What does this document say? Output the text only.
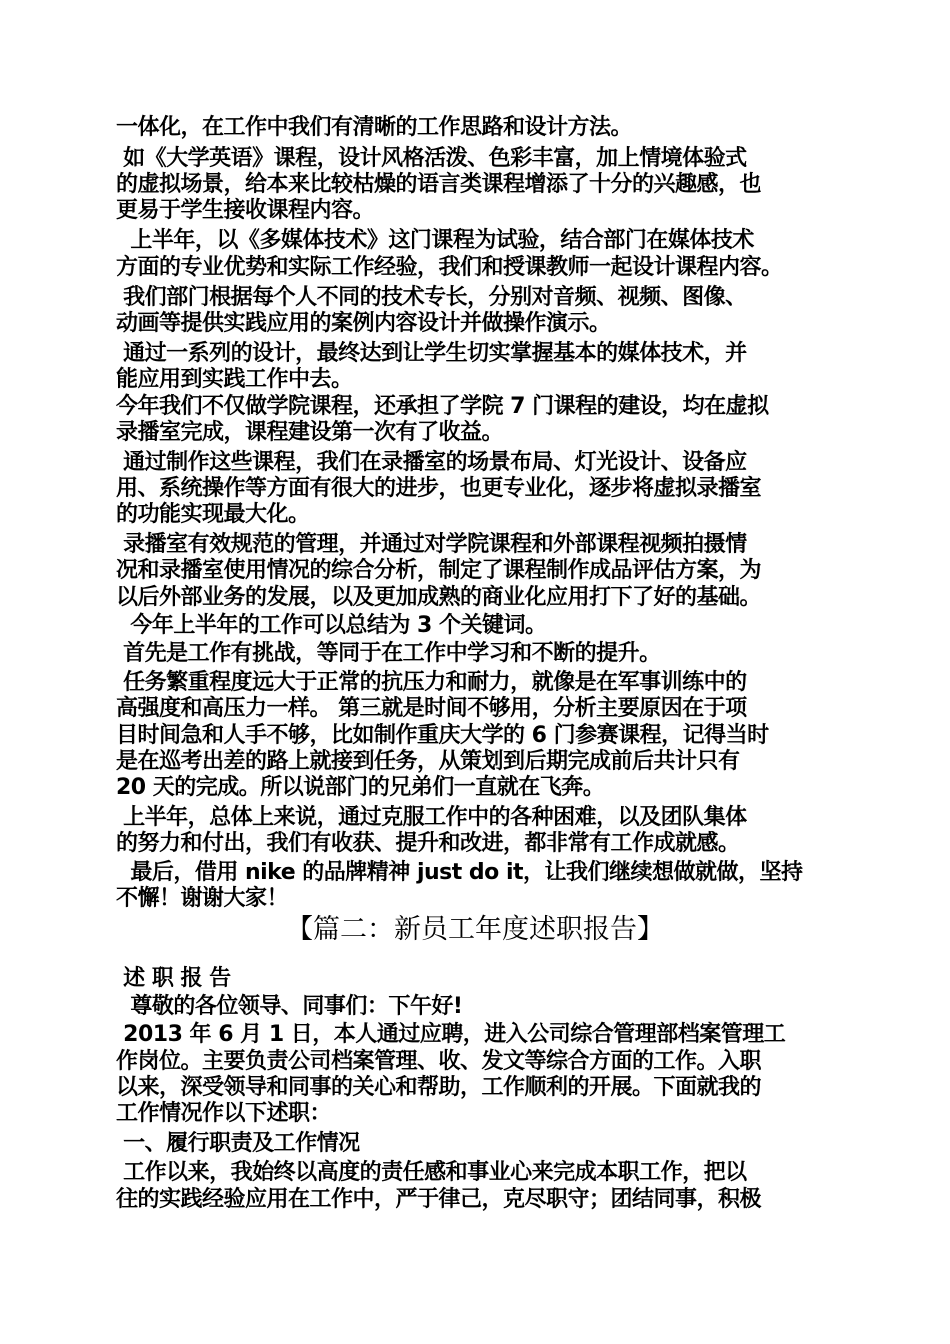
一体化，在工作中我们有清晰的工作思路和设计方法。
如《大学英语》课程，设计风格活泼、色彩丰富，加上情境体验式
的虚拟场景，给本来比较枯燥的语言类课程增添了十分的兴趣感，也
更易于学生接收课程内容。
上半年，以《多媒体技术》这门课程为试验，结合部门在媒体技术
方面的专业优势和实际工作经验，我们和授课教师一起设计课程内容。
我们部门根据每个人不同的技术专长，分别对音频、视频、图像、
动画等提供实践应用的案例内容设计并做操作演示。
通过一系列的设计，最终达到让学生切实掌握基本的媒体技术，并
能应用到实践工作中去。
今年我们不仅做学院课程，还承担了学院 7 门课程的建设，均在虚拟
录播室完成，课程建设第一次有了收益。
通过制作这些课程，我们在录播室的场景布局、灯光设计、设备应
用、系统操作等方面有很大的进步，也更专业化，逐步将虚拟录播室
的功能实现最大化。
录播室有效规范的管理，并通过对学院课程和外部课程视频拍摄情
况和录播室使用情况的综合分析，制定了课程制作成品评估方案，为
以后外部业务的发展，以及更加成熟的商业化应用打下了好的基础。
今年上半年的工作可以总结为 3 个关键词。
首先是工作有挑战，等同于在工作中学习和不断的提升。
任务繁重程度远大于正常的抗压力和耐力，就像是在军事训练中的
高强度和高压力一样。 第三就是时间不够用，分析主要原因在于项
目时间急和人手不够，比如制作重庆大学的 6 门参赛课程，记得当时
是在巡考出差的路上就接到任务，从策划到后期完成前后共计只有
20 天的完成。所以说部门的兄弟们一直就在飞奔。
上半年，总体上来说，通过克服工作中的各种困难，以及团队集体
的努力和付出，我们有收获、提升和改进，都非常有工作成就感。
最后，借用 nike 的品牌精神 just do it，让我们继续想做就做，坚持
不懈！谢谢大家！
【篇二：新员工年度述职报告】
述 职 报 告
尊敬的各位领导、同事们：下午好!
2013 年 6 月 1 日，本人通过应聘，进入公司综合管理部档案管理工
作岗位。主要负责公司档案管理、收、发文等综合方面的工作。入职
以来，深受领导和同事的关心和帮助，工作顺利的开展。下面就我的
工作情况作以下述职：
一、履行职责及工作情况
工作以来，我始终以高度的责任感和事业心来完成本职工作，把以
往的实践经验应用在工作中，严于律己，克尽职守；团结同事，积极
